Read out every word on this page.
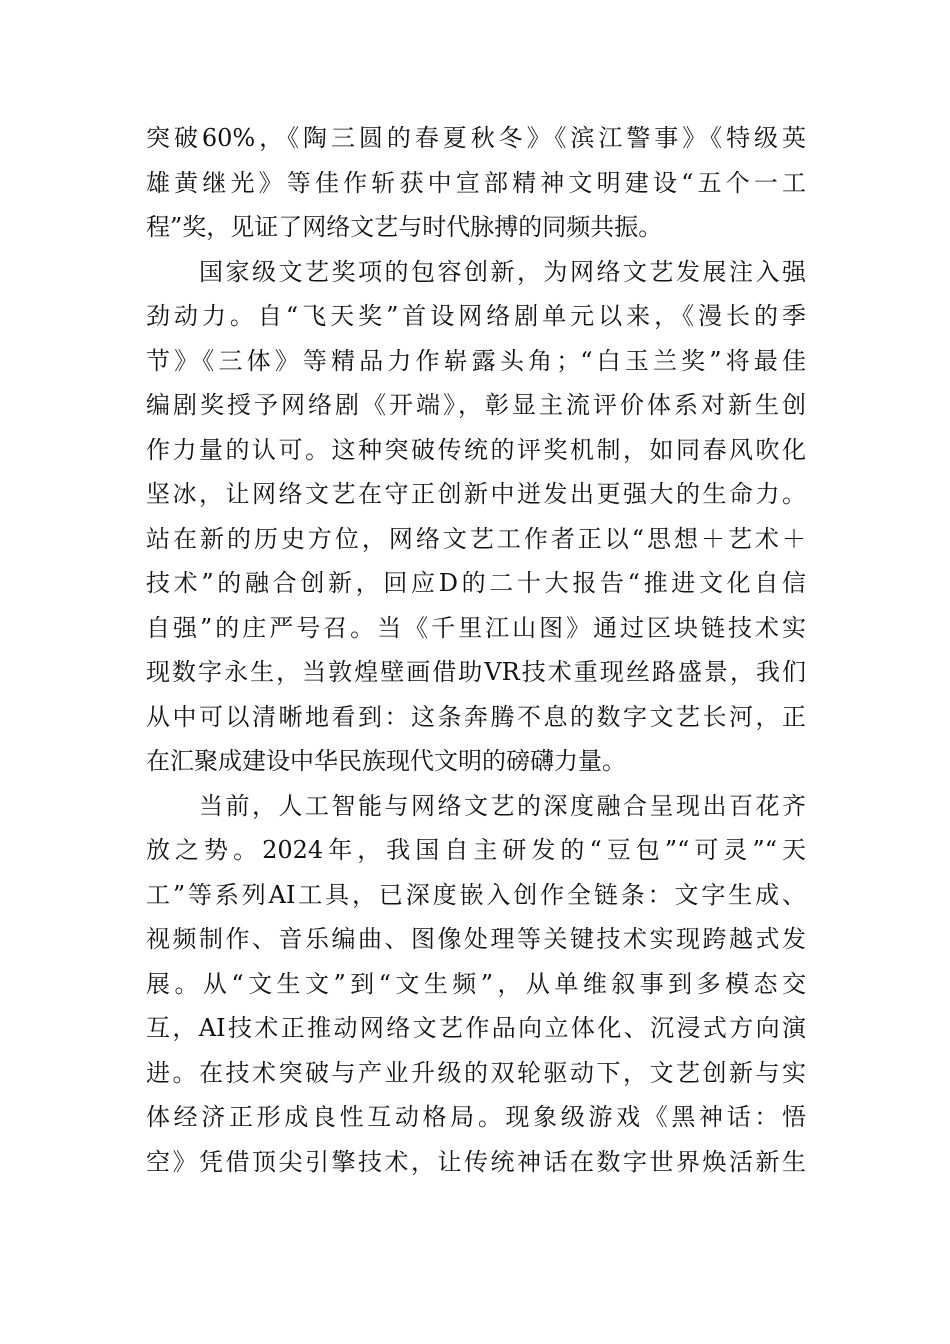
突破60%，《陶三圆的春夏秋冬》《滨江警事》《特级英
雄黄继光》等佳作斩获中宣部精神文明建设“五个一工
程”奖，见证了网络文艺与时代脉搏的同频共振。
　　国家级文艺奖项的包容创新，为网络文艺发展注入强
劲动力。自“飞天奖”首设网络剧单元以来，《漫长的季
节》《三体》等精品力作崭露头角；“白玉兰奖”将最佳
编剧奖授予网络剧《开端》，彰显主流评价体系对新生创
作力量的认可。这种突破传统的评奖机制，如同春风吹化
坚冰，让网络文艺在守正创新中迸发出更强大的生命力。
站在新的历史方位，网络文艺工作者正以“思想＋艺术＋
技术”的融合创新，回应D的二十大报告“推进文化自信
自强”的庄严号召。当《千里江山图》通过区块链技术实
现数字永生，当敦煌壁画借助VR技术重现丝路盛景，我们
从中可以清晰地看到：这条奔腾不息的数字文艺长河，正
在汇聚成建设中华民族现代文明的磅礴力量。
　　当前，人工智能与网络文艺的深度融合呈现出百花齐
放之势。2024年，我国自主研发的“豆包”“可灵”“天
工”等系列AI工具，已深度嵌入创作全链条：文字生成、
视频制作、音乐编曲、图像处理等关键技术实现跨越式发
展。从“文生文”到“文生频”，从单维叙事到多模态交
互，AI技术正推动网络文艺作品向立体化、沉浸式方向演
进。在技术突破与产业升级的双轮驱动下，文艺创新与实
体经济正形成良性互动格局。现象级游戏《黑神话：悟
空》凭借顶尖引擎技术，让传统神话在数字世界焕活新生
